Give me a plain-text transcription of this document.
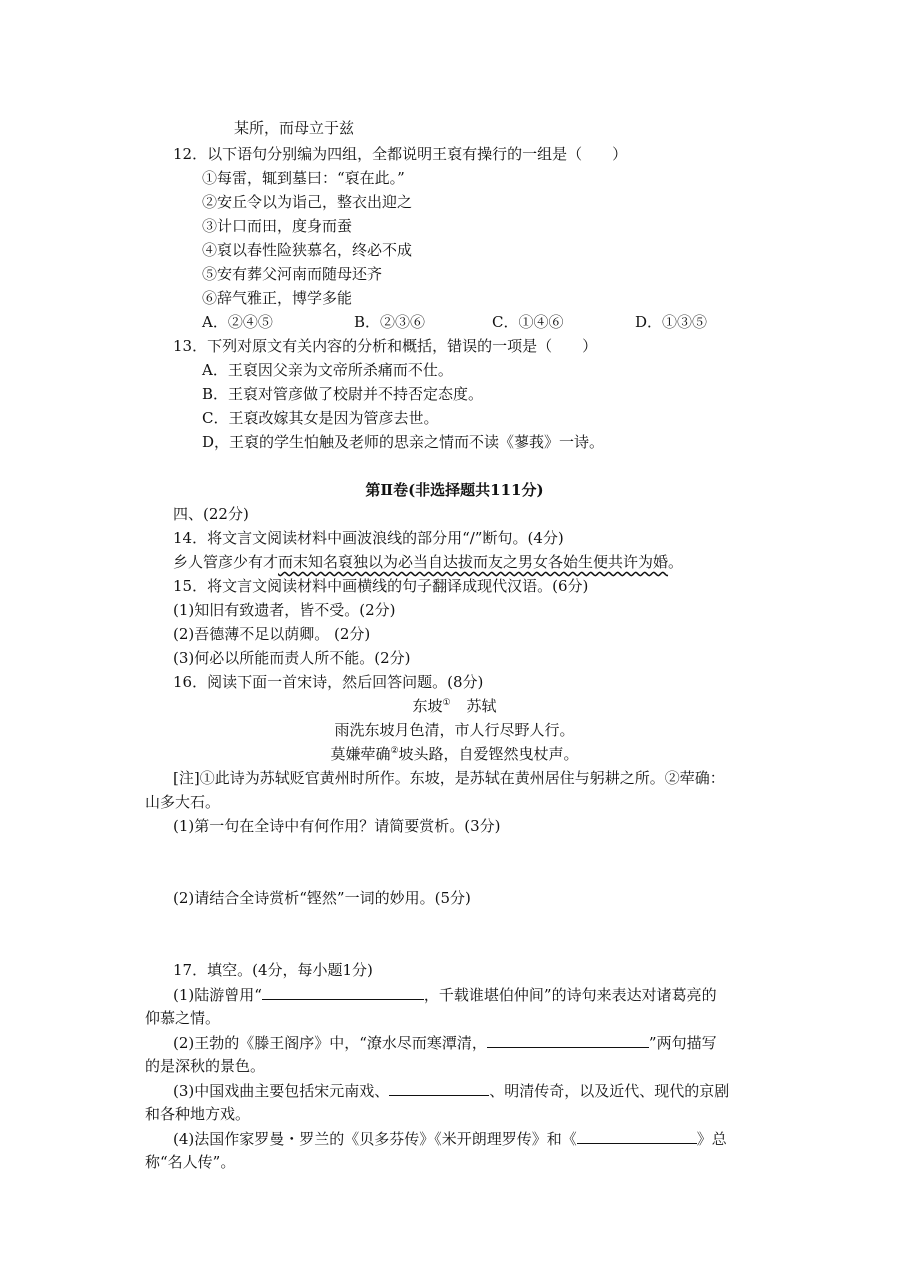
某所，而母立于兹
12．以下语句分别编为四组，全都说明王裒有操行的一组是（　　）
①每雷，辄到墓曰：“裒在此。”
②安丘令以为诣己，整衣出迎之
③计口而田，度身而蚕
④裒以春性险狭慕名，终必不成
⑤安有葬父河南而随母还齐
⑥辞气雅正，博学多能
A．②④⑤	B．②③⑥	C．①④⑥	D．①③⑤
13．下列对原文有关内容的分析和概括，错误的一项是（　　）
A．王裒因父亲为文帝所杀痛而不仕。
B．王裒对管彦做了校尉并不持否定态度。
C．王裒改嫁其女是因为管彦去世。
D，王裒的学生怕触及老师的思亲之情而不读《蓼莪》一诗。
第Ⅱ卷(非选择题共111分)
四、(22分)
14．将文言文阅读材料中画波浪线的部分用“/”断句。(4分)
乡人管彦少有才而末知名裒独以为必当自达拔而友之男女各始生便共许为婚。
15．将文言文阅读材料中画横线的句子翻译成现代汉语。(6分)
(1)知旧有致遗者，皆不受。(2分)
(2)吾德薄不足以荫卿。 (2分)
(3)何必以所能而责人所不能。(2分)
16．阅读下面一首宋诗，然后回答问题。(8分)
东坡① 苏轼
雨洗东坡月色清，市人行尽野人行。
莫嫌荦确②坡头路，自爱铿然曳杖声。
[注]①此诗为苏轼贬官黄州时所作。东坡，是苏轼在黄州居住与躬耕之所。②荦确：
山多大石。
(1)第一句在全诗中有何作用？请简要赏析。(3分)
(2)请结合全诗赏析“铿然”一词的妙用。(5分)
17．填空。(4分，每小题1分)
(1)陆游曾用“	，千载谁堪伯仲间”的诗句来表达对诸葛亮的
仰慕之情。
(2)王勃的《滕王阁序》中，“潦水尽而寒潭清，	”两句描写
的是深秋的景色。
(3)中国戏曲主要包括宋元南戏、	、明清传奇，以及近代、现代的京剧
和各种地方戏。
(4)法国作家罗曼・罗兰的《贝多芬传》《米开朗理罗传》和《	》总
称“名人传”。
